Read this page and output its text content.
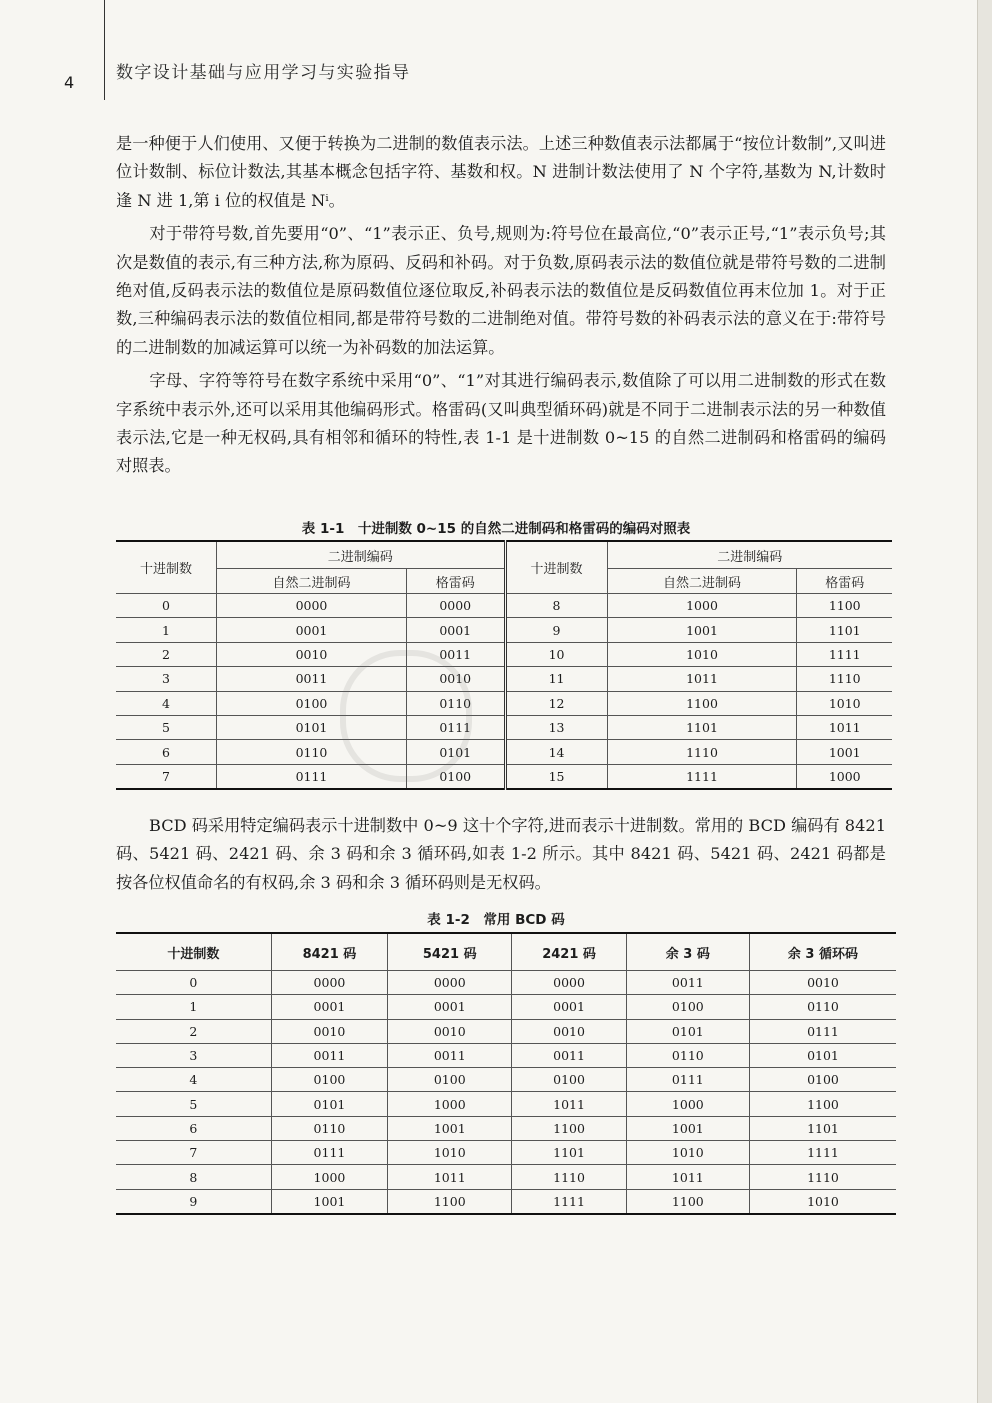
4 数字设计基础与应用学习与实验指导

是一种便于人们使用、又便于转换为二进制的数值表示法。上述三种数值表示法都属于“按位计数制”,又叫进位计数制、标位计数法,其基本概念包括字符、基数和权。N 进制计数法使用了 N 个字符,基数为 N,计数时逢 N 进 1,第 i 位的权值是 Nⁱ。

对于带符号数,首先要用“0”、“1”表示正、负号,规则为:符号位在最高位,“0”表示正号,“1”表示负号;其次是数值的表示,有三种方法,称为原码、反码和补码。对于负数,原码表示法的数值位就是带符号数的二进制绝对值,反码表示法的数值位是原码数值位逐位取反,补码表示法的数值位是反码数值位再末位加 1。对于正数,三种编码表示法的数值位相同,都是带符号数的二进制绝对值。带符号数的补码表示法的意义在于:带符号的二进制数的加减运算可以统一为补码数的加法运算。

字母、字符等符号在数字系统中采用“0”、“1”对其进行编码表示,数值除了可以用二进制数的形式在数字系统中表示外,还可以采用其他编码形式。格雷码(又叫典型循环码)就是不同于二进制表示法的另一种数值表示法,它是一种无权码,具有相邻和循环的特性,表 1-1 是十进制数 0~15 的自然二进制码和格雷码的编码对照表。

表 1-1　十进制数 0~15 的自然二进制码和格雷码的编码对照表
十进制数	二进制编码		十进制数	二进制编码	
	自然二进制码	格雷码		自然二进制码	格雷码
0	0000	0000	8	1000	1100
1	0001	0001	9	1001	1101
2	0010	0011	10	1010	1111
3	0011	0010	11	1011	1110
4	0100	0110	12	1100	1010
5	0101	0111	13	1101	1011
6	0110	0101	14	1110	1001
7	0111	0100	15	1111	1000

BCD 码采用特定编码表示十进制数中 0~9 这十个字符,进而表示十进制数。常用的 BCD 编码有 8421 码、5421 码、2421 码、余 3 码和余 3 循环码,如表 1-2 所示。其中 8421 码、5421 码、2421 码都是按各位权值命名的有权码,余 3 码和余 3 循环码则是无权码。

表 1-2　常用 BCD 码
十进制数	8421 码	5421 码	2421 码	余 3 码	余 3 循环码
0	0000	0000	0000	0011	0010
1	0001	0001	0001	0100	0110
2	0010	0010	0010	0101	0111
3	0011	0011	0011	0110	0101
4	0100	0100	0100	0111	0100
5	0101	1000	1011	1000	1100
6	0110	1001	1100	1001	1101
7	0111	1010	1101	1010	1111
8	1000	1011	1110	1011	1110
9	1001	1100	1111	1100	1010
